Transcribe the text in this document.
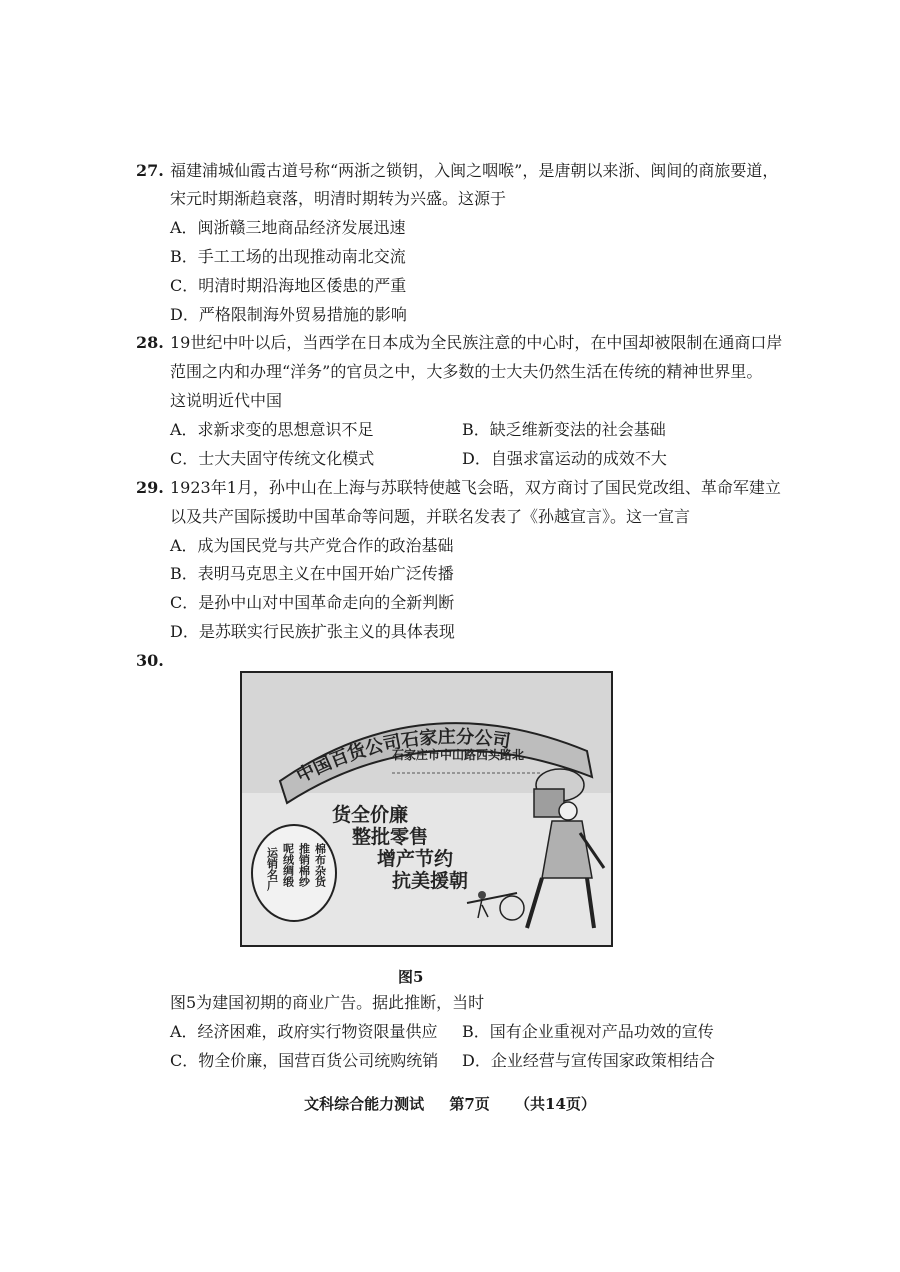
27. 福建浦城仙霞古道号称“两浙之锁钥，入闽之咽喉”，是唐朝以来浙、闽间的商旅要道，
宋元时期渐趋衰落，明清时期转为兴盛。这源于
A．闽浙赣三地商品经济发展迅速
B．手工工场的出现推动南北交流
C．明清时期沿海地区倭患的严重
D．严格限制海外贸易措施的影响
28. 19世纪中叶以后，当西学在日本成为全民族注意的中心时，在中国却被限制在通商口岸
范围之内和办理“洋务”的官员之中，大多数的士大夫仍然生活在传统的精神世界里。
这说明近代中国
A．求新求变的思想意识不足	B．缺乏维新变法的社会基础
C．士大夫固守传统文化模式	D．自强求富运动的成效不大
29. 1923年1月，孙中山在上海与苏联特使越飞会晤，双方商讨了国民党改组、革命军建立
以及共产国际援助中国革命等问题，并联名发表了《孙越宣言》。这一宣言
A．成为国民党与共产党合作的政治基础
B．表明马克思主义在中国开始广泛传播
C．是孙中山对中国革命走向的全新判断
D．是苏联实行民族扩张主义的具体表现
30.
中国百货公司石家庄分公司
石家庄市中山路西头路北
货全价廉
整批零售
增产节约
抗美援朝
棉布杂货
推销棉纱
呢绒绸缎
运销名厂
图5
图5为建国初期的商业广告。据此推断，当时
A．经济困难，政府实行物资限量供应 B．国有企业重视对产品功效的宣传
C．物全价廉，国营百货公司统购统销 D．企业经营与宣传国家政策相结合
文科综合能力测试 第7页 （共14页）
